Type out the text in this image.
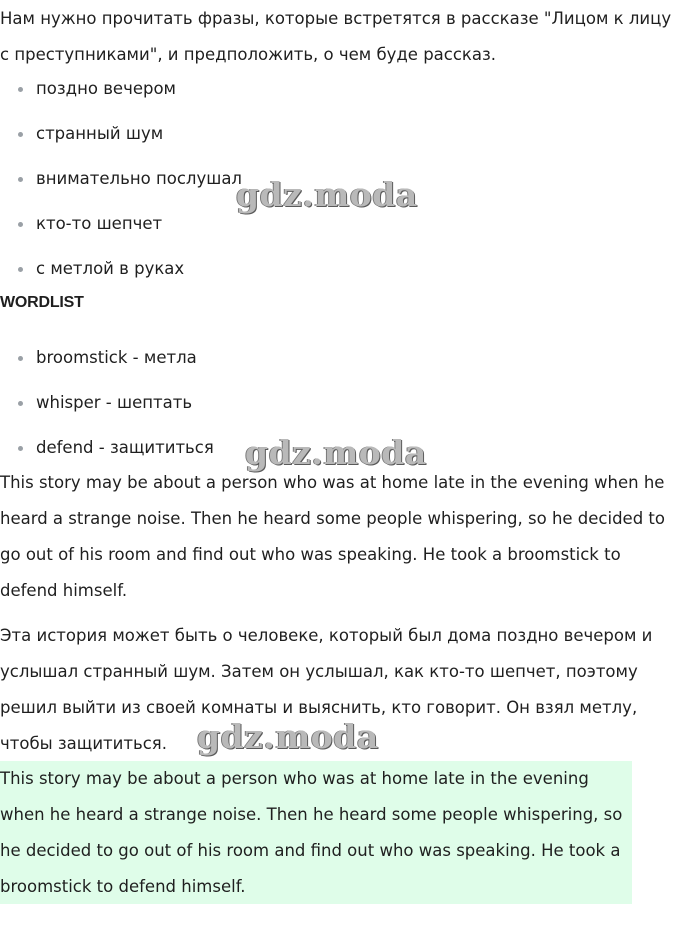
Нам нужно прочитать фразы, которые встретятся в рассказе "Лицом к лицу с преступниками", и предположить, о чем буде рассказ.

поздно вечером
странный шум
внимательно послушал
кто-то шепчет
с метлой в руках
WORDLIST
broomstick - метла
whisper - шептать
defend - защититься

This story may be about a person who was at home late in the evening when he heard a strange noise. Then he heard some people whispering, so he decided to go out of his room and find out who was speaking. He took a broomstick to defend himself.

Эта история может быть о человеке, который был дома поздно вечером и услышал странный шум. Затем он услышал, как кто-то шепчет, поэтому решил выйти из своей комнаты и выяснить, кто говорит. Он взял метлу, чтобы защититься.

This story may be about a person who was at home late in the evening when he heard a strange noise. Then he heard some people whispering, so he decided to go out of his room and find out who was speaking. He took a broomstick to defend himself.

gdz.moda
gdz.moda
gdz.moda
